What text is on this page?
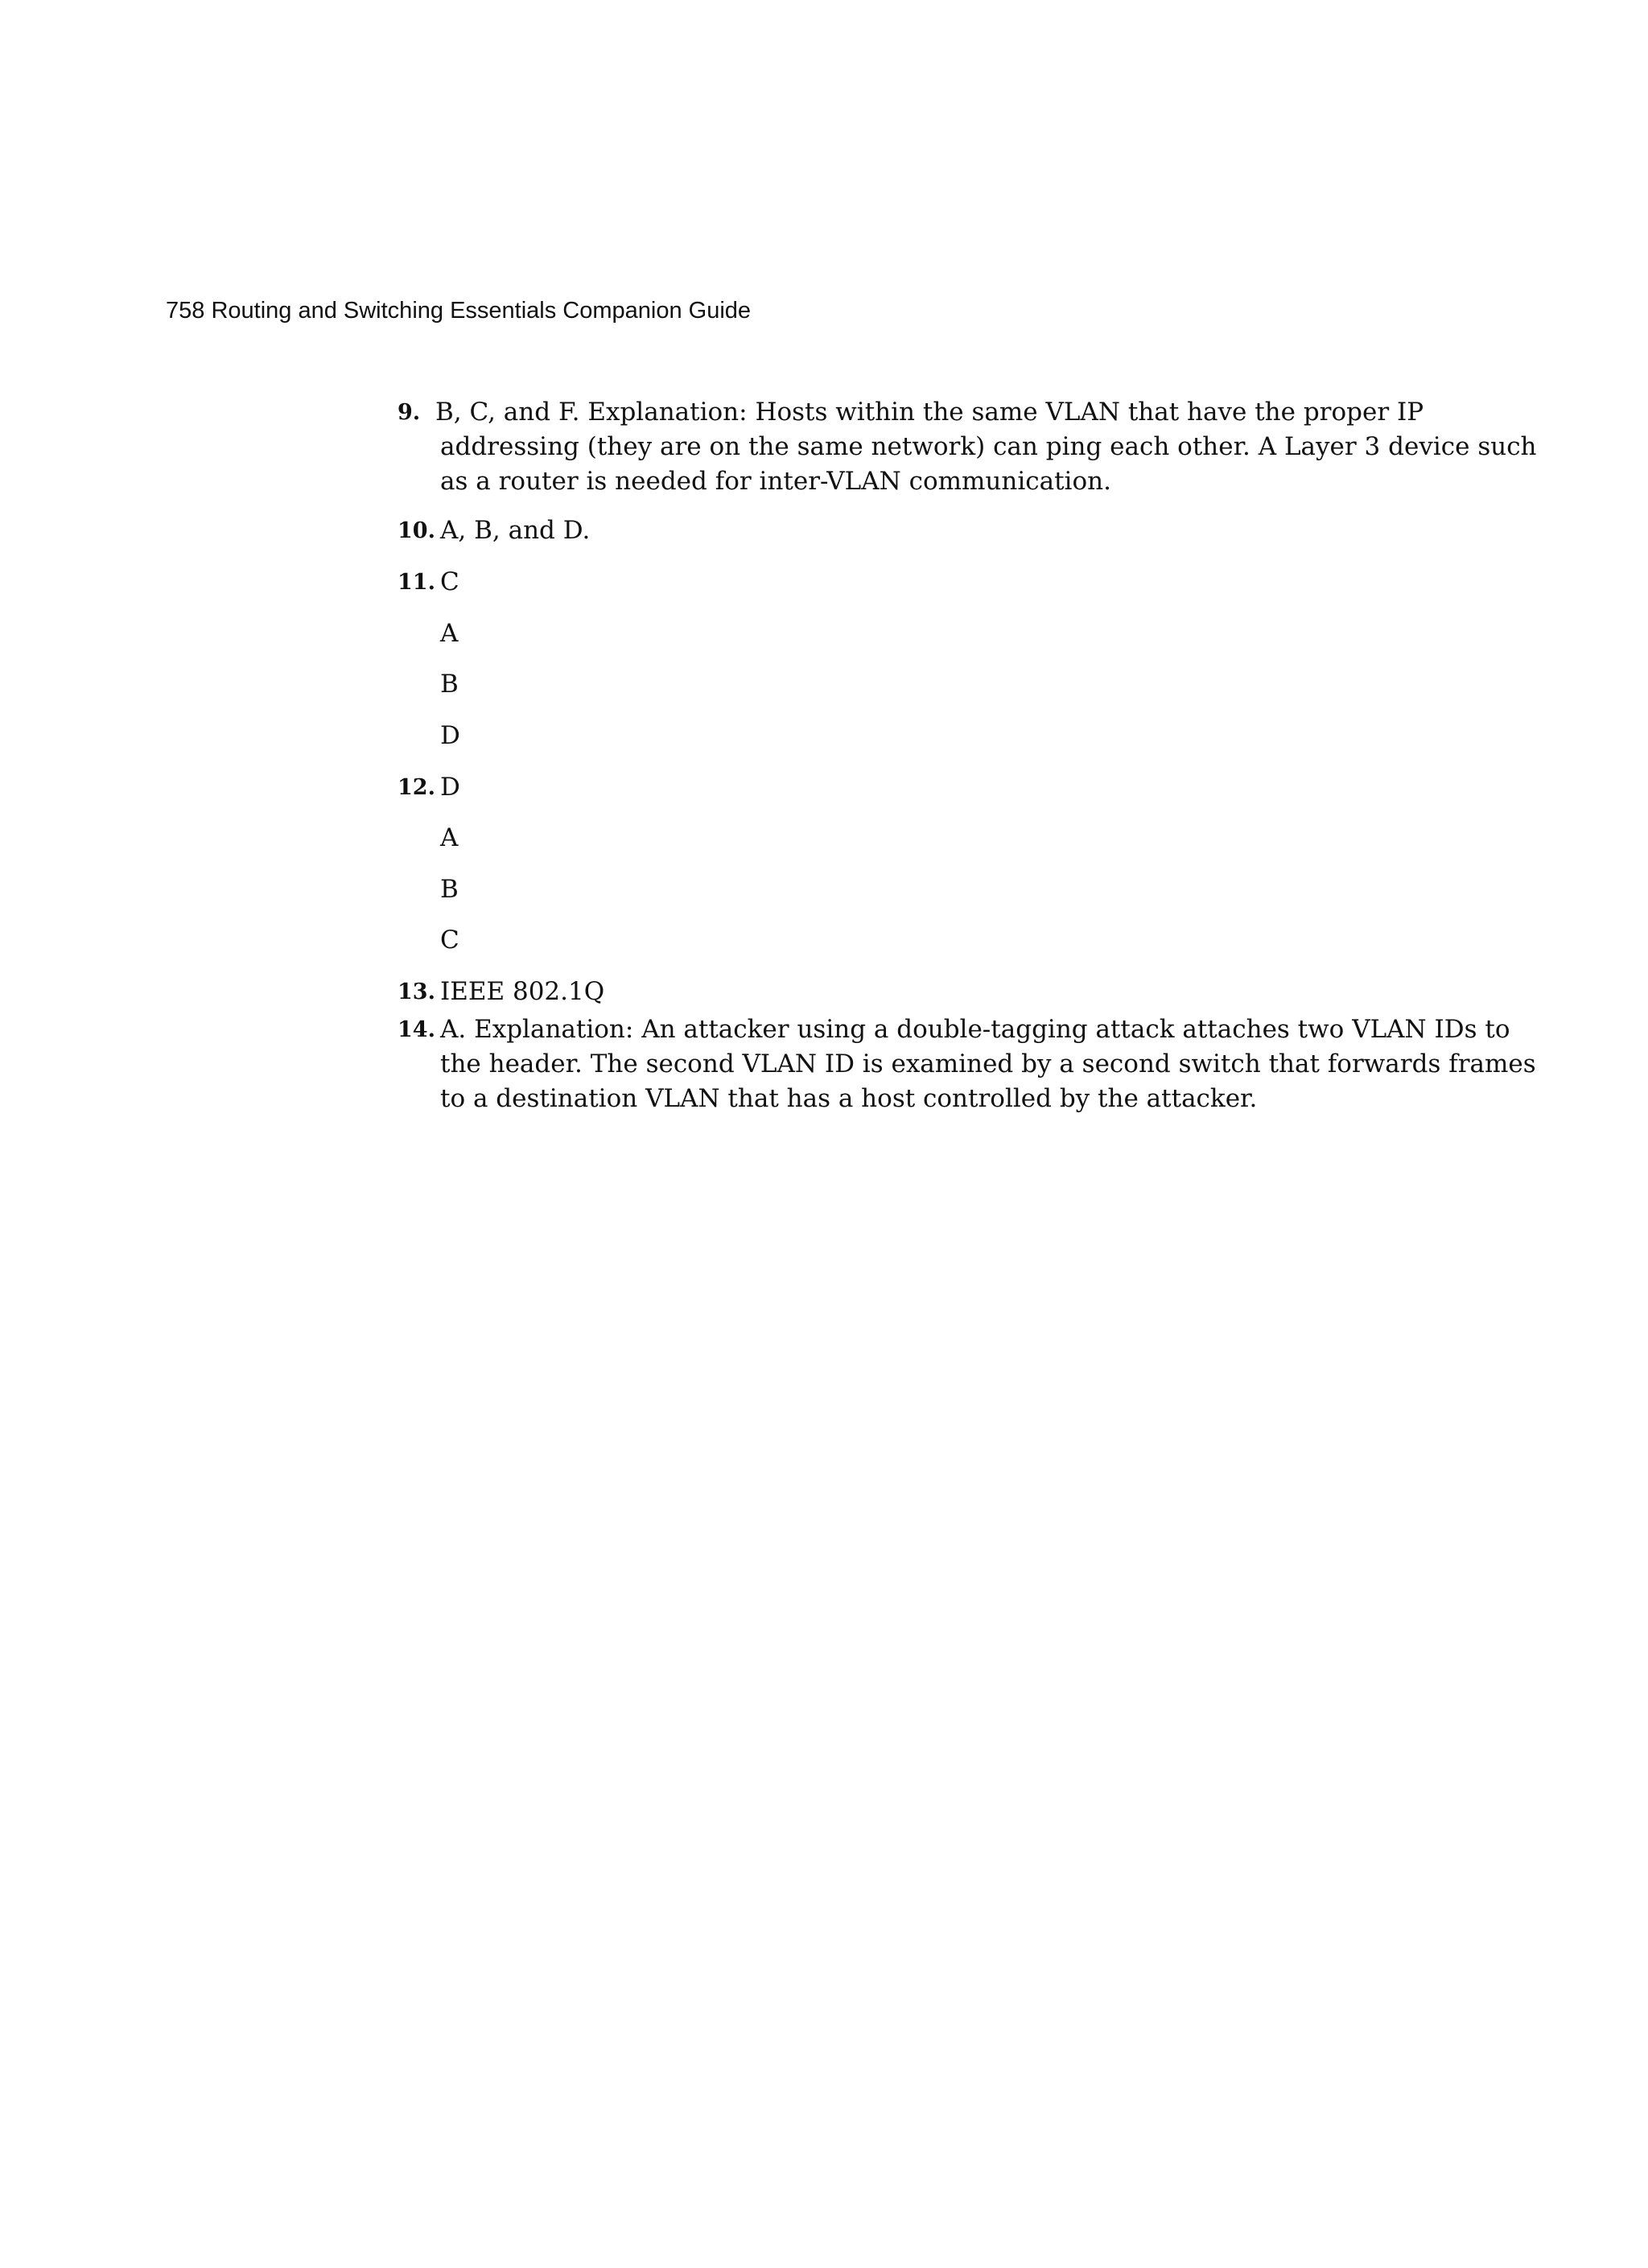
758 Routing and Switching Essentials Companion Guide
9. B, C, and F. Explanation: Hosts within the same VLAN that have the proper IP
addressing (they are on the same network) can ping each other. A Layer 3 device such
as a router is needed for inter-VLAN communication.
10. A, B, and D.
11. C
A
B
D
12. D
A
B
C
13. IEEE 802.1Q
14. A. Explanation: An attacker using a double-tagging attack attaches two VLAN IDs to
the header. The second VLAN ID is examined by a second switch that forwards frames
to a destination VLAN that has a host controlled by the attacker.
